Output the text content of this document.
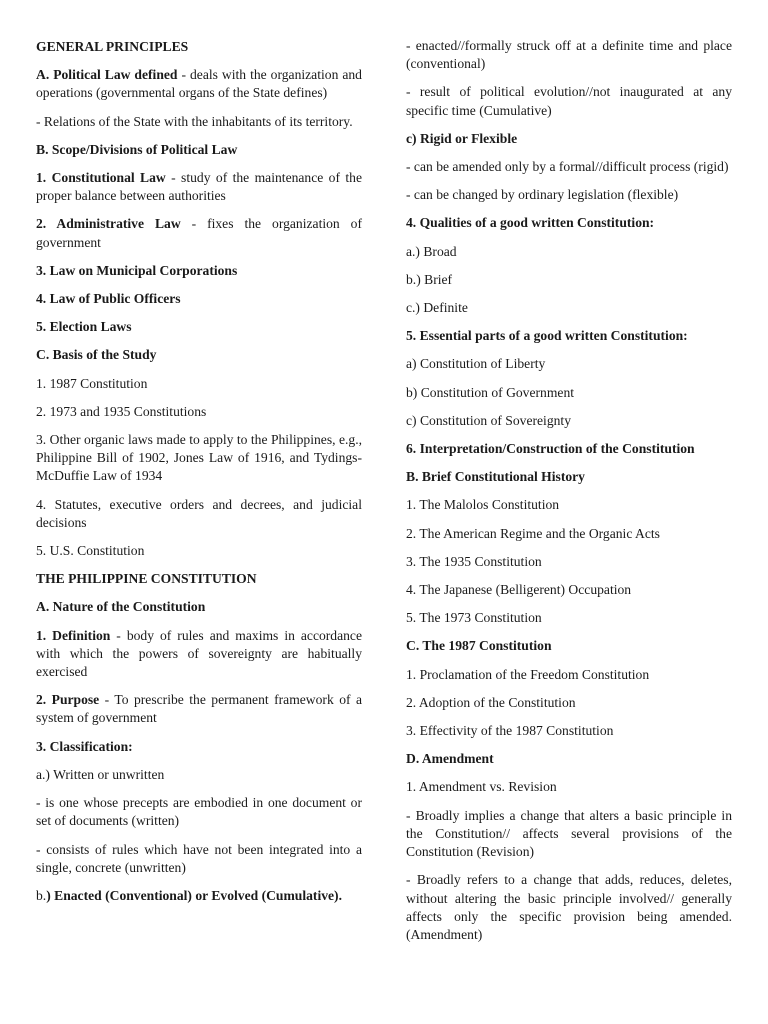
GENERAL PRINCIPLES

A. Political Law defined - deals with the organization and operations (governmental organs of the State defines)

- Relations of the State with the inhabitants of its territory.

B. Scope/Divisions of Political Law

1. Constitutional Law - study of the maintenance of the proper balance between authorities

2. Administrative Law - fixes the organization of government

3. Law on Municipal Corporations

4. Law of Public Officers

5. Election Laws

C. Basis of the Study

1. 1987 Constitution

2. 1973 and 1935 Constitutions

3. Other organic laws made to apply to the Philippines, e.g., Philippine Bill of 1902, Jones Law of 1916, and Tydings-McDuffie Law of 1934

4. Statutes, executive orders and decrees, and judicial decisions

5. U.S. Constitution

THE PHILIPPINE CONSTITUTION

A. Nature of the Constitution

1. Definition - body of rules and maxims in accordance with which the powers of sovereignty are habitually exercised

2. Purpose - To prescribe the permanent framework of a system of government

3. Classification:

a.) Written or unwritten

- is one whose precepts are embodied in one document or set of documents (written)

- consists of rules which have not been integrated into a single, concrete (unwritten)

b.) Enacted (Conventional) or Evolved (Cumulative).

- enacted//formally struck off at a definite time and place (conventional)

- result of political evolution//not inaugurated at any specific time (Cumulative)

c) Rigid or Flexible

- can be amended only by a formal//difficult process (rigid)

- can be changed by ordinary legislation (flexible)

4. Qualities of a good written Constitution:

a.) Broad

b.) Brief

c.) Definite

5. Essential parts of a good written Constitution:

a) Constitution of Liberty

b) Constitution of Government

c) Constitution of Sovereignty

6. Interpretation/Construction of the Constitution

B. Brief Constitutional History

1. The Malolos Constitution

2. The American Regime and the Organic Acts

3. The 1935 Constitution

4. The Japanese (Belligerent) Occupation

5. The 1973 Constitution

C. The 1987 Constitution

1. Proclamation of the Freedom Constitution

2. Adoption of the Constitution

3. Effectivity of the 1987 Constitution

D. Amendment

1. Amendment vs. Revision

- Broadly implies a change that alters a basic principle in the Constitution// affects several provisions of the Constitution (Revision)

- Broadly refers to a change that adds, reduces, deletes, without altering the basic principle involved// generally affects only the specific provision being amended. (Amendment)
